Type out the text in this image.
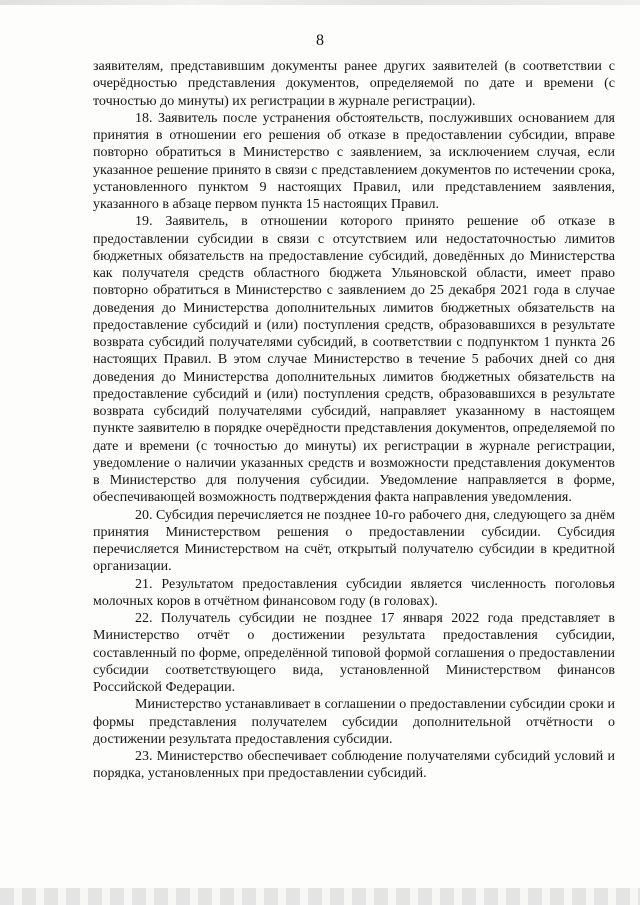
8

заявителям, представившим документы ранее других заявителей (в соответствии с очерёдностью представления документов, определяемой по дате и времени (с точностью до минуты) их регистрации в журнале регистрации).

18. Заявитель после устранения обстоятельств, послуживших основанием для принятия в отношении его решения об отказе в предоставлении субсидии, вправе повторно обратиться в Министерство с заявлением, за исключением случая, если указанное решение принято в связи с представлением документов по истечении срока, установленного пунктом 9 настоящих Правил, или представлением заявления, указанного в абзаце первом пункта 15 настоящих Правил.

19. Заявитель, в отношении которого принято решение об отказе в предоставлении субсидии в связи с отсутствием или недостаточностью лимитов бюджетных обязательств на предоставление субсидий, доведённых до Министерства как получателя средств областного бюджета Ульяновской области, имеет право повторно обратиться в Министерство с заявлением до 25 декабря 2021 года в случае доведения до Министерства дополнительных лимитов бюджетных обязательств на предоставление субсидий и (или) поступления средств, образовавшихся в результате возврата субсидий получателями субсидий, в соответствии с подпунктом 1 пункта 26 настоящих Правил. В этом случае Министерство в течение 5 рабочих дней со дня доведения до Министерства дополнительных лимитов бюджетных обязательств на предоставление субсидий и (или) поступления средств, образовавшихся в результате возврата субсидий получателями субсидий, направляет указанному в настоящем пункте заявителю в порядке очерёдности представления документов, определяемой по дате и времени (с точностью до минуты) их регистрации в журнале регистрации, уведомление о наличии указанных средств и возможности представления документов в Министерство для получения субсидии. Уведомление направляется в форме, обеспечивающей возможность подтверждения факта направления уведомления.

20. Субсидия перечисляется не позднее 10-го рабочего дня, следующего за днём принятия Министерством решения о предоставлении субсидии. Субсидия перечисляется Министерством на счёт, открытый получателю субсидии в кредитной организации.

21. Результатом предоставления субсидии является численность поголовья молочных коров в отчётном финансовом году (в головах).

22. Получатель субсидии не позднее 17 января 2022 года представляет в Министерство отчёт о достижении результата предоставления субсидии, составленный по форме, определённой типовой формой соглашения о предоставлении субсидии соответствующего вида, установленной Министерством финансов Российской Федерации.

Министерство устанавливает в соглашении о предоставлении субсидии сроки и формы представления получателем субсидии дополнительной отчётности о достижении результата предоставления субсидии.

23. Министерство обеспечивает соблюдение получателями субсидий условий и порядка, установленных при предоставлении субсидий.
